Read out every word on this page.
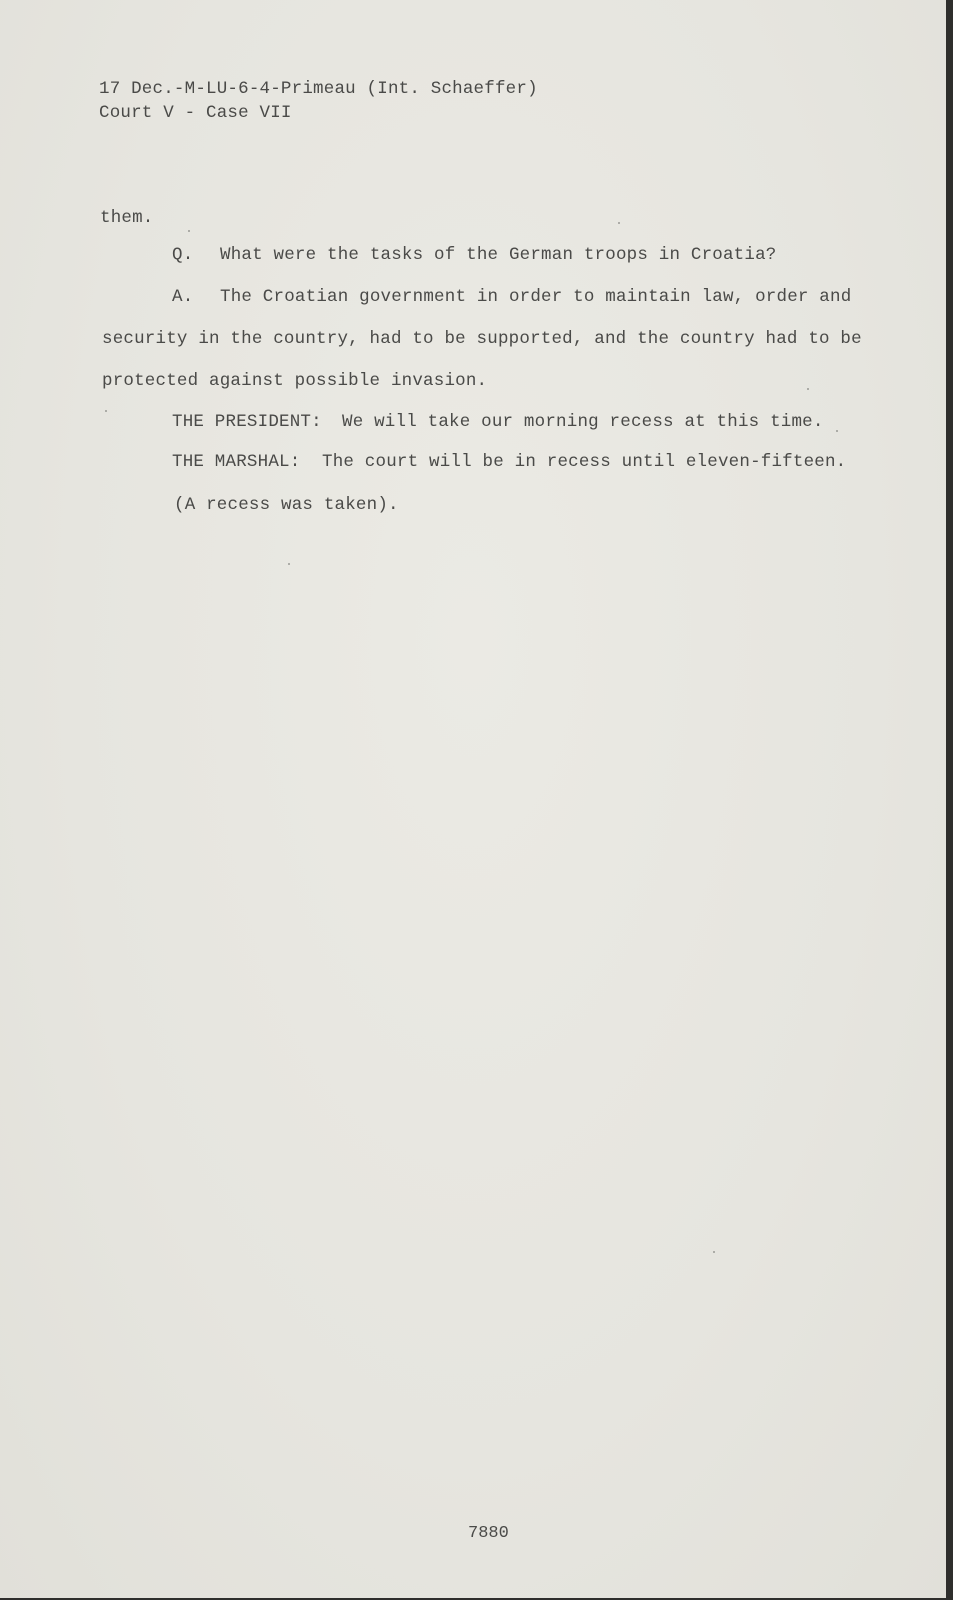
17 Dec.-M-LU-6-4-Primeau (Int. Schaeffer)
Court V - Case VII
them.
Q. What were the tasks of the German troops in Croatia?
A. The Croatian government in order to maintain law, order and
security in the country, had to be supported, and the country had to be
protected against possible invasion.
THE PRESIDENT: We will take our morning recess at this time.
THE MARSHAL: The court will be in recess until eleven-fifteen.
(A recess was taken).
7880
